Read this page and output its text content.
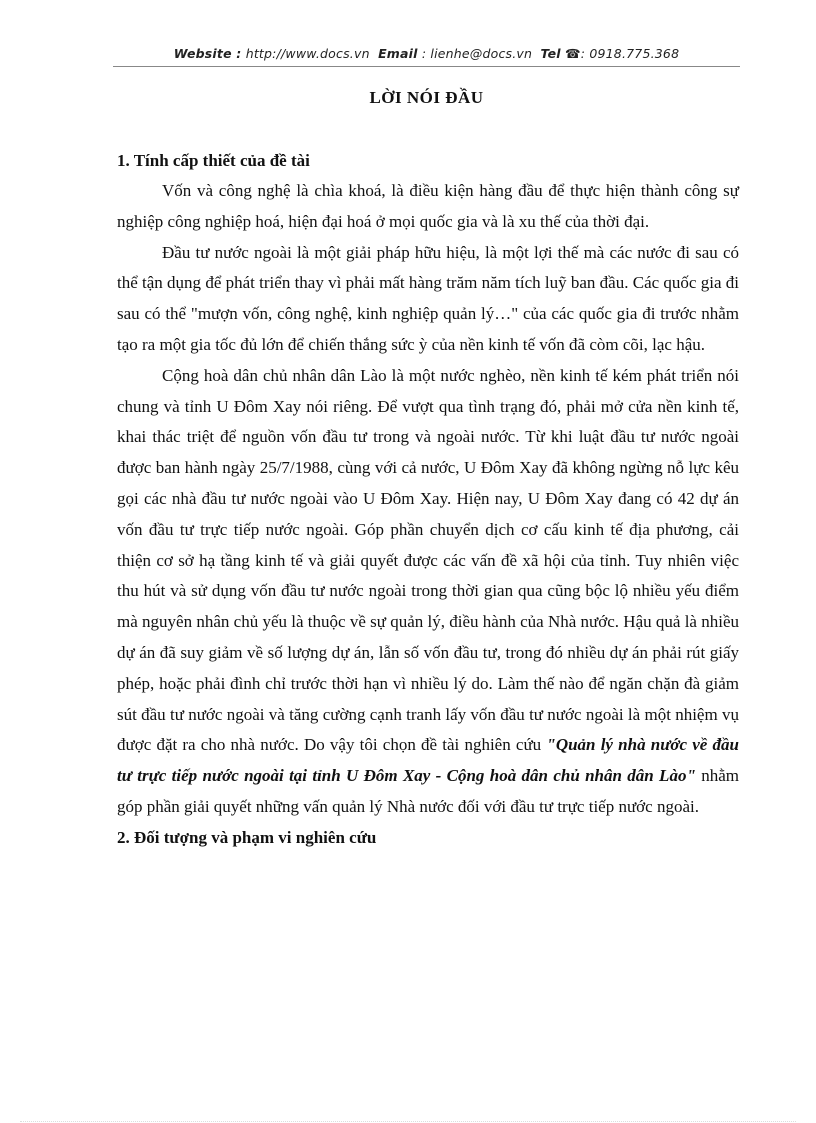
Website : http://www.docs.vn Email : lienhe@docs.vn Tel ☎: 0918.775.368
LỜI NÓI ĐẦU

1. Tính cấp thiết của đề tài

Vốn và công nghệ là chìa khoá, là điều kiện hàng đầu để thực hiện thành công sự nghiệp công nghiệp hoá, hiện đại hoá ở mọi quốc gia và là xu thế của thời đại.

Đầu tư nước ngoài là một giải pháp hữu hiệu, là một lợi thế mà các nước đi sau có thể tận dụng để phát triển thay vì phải mất hàng trăm năm tích luỹ ban đầu. Các quốc gia đi sau có thể "mượn vốn, công nghệ, kinh nghiệp quản lý…" của các quốc gia đi trước nhằm tạo ra một gia tốc đủ lớn để chiến thắng sức ỳ của nền kinh tế vốn đã còm cõi, lạc hậu.

Cộng hoà dân chủ nhân dân Lào là một nước nghèo, nền kinh tế kém phát triển nói chung và tỉnh U Đôm Xay nói riêng. Để vượt qua tình trạng đó, phải mở cửa nền kinh tế, khai thác triệt để nguồn vốn đầu tư trong và ngoài nước. Từ khi luật đầu tư nước ngoài được ban hành ngày 25/7/1988, cùng với cả nước, U Đôm Xay đã không ngừng nỗ lực kêu gọi các nhà đầu tư nước ngoài vào U Đôm Xay. Hiện nay, U Đôm Xay đang có 42 dự án vốn đầu tư trực tiếp nước ngoài. Góp phần chuyển dịch cơ cấu kinh tế địa phương, cải thiện cơ sở hạ tầng kinh tế và giải quyết được các vấn đề xã hội của tỉnh. Tuy nhiên việc thu hút và sử dụng vốn đầu tư nước ngoài trong thời gian qua cũng bộc lộ nhiều yếu điểm mà nguyên nhân chủ yếu là thuộc về sự quản lý, điều hành của Nhà nước. Hậu quả là nhiều dự án đã suy giảm về số lượng dự án, lẫn số vốn đầu tư, trong đó nhiều dự án phải rút giấy phép, hoặc phải đình chỉ trước thời hạn vì nhiều lý do. Làm thế nào để ngăn chặn đà giảm sút đầu tư nước ngoài và tăng cường cạnh tranh lấy vốn đầu tư nước ngoài là một nhiệm vụ được đặt ra cho nhà nước. Do vậy tôi chọn đề tài nghiên cứu "Quản lý nhà nước về đầu tư trực tiếp nước ngoài tại tỉnh U Đôm Xay - Cộng hoà dân chủ nhân dân Lào" nhằm góp phần giải quyết những vấn quản lý Nhà nước đối với đầu tư trực tiếp nước ngoài.

2. Đối tượng và phạm vi nghiên cứu
